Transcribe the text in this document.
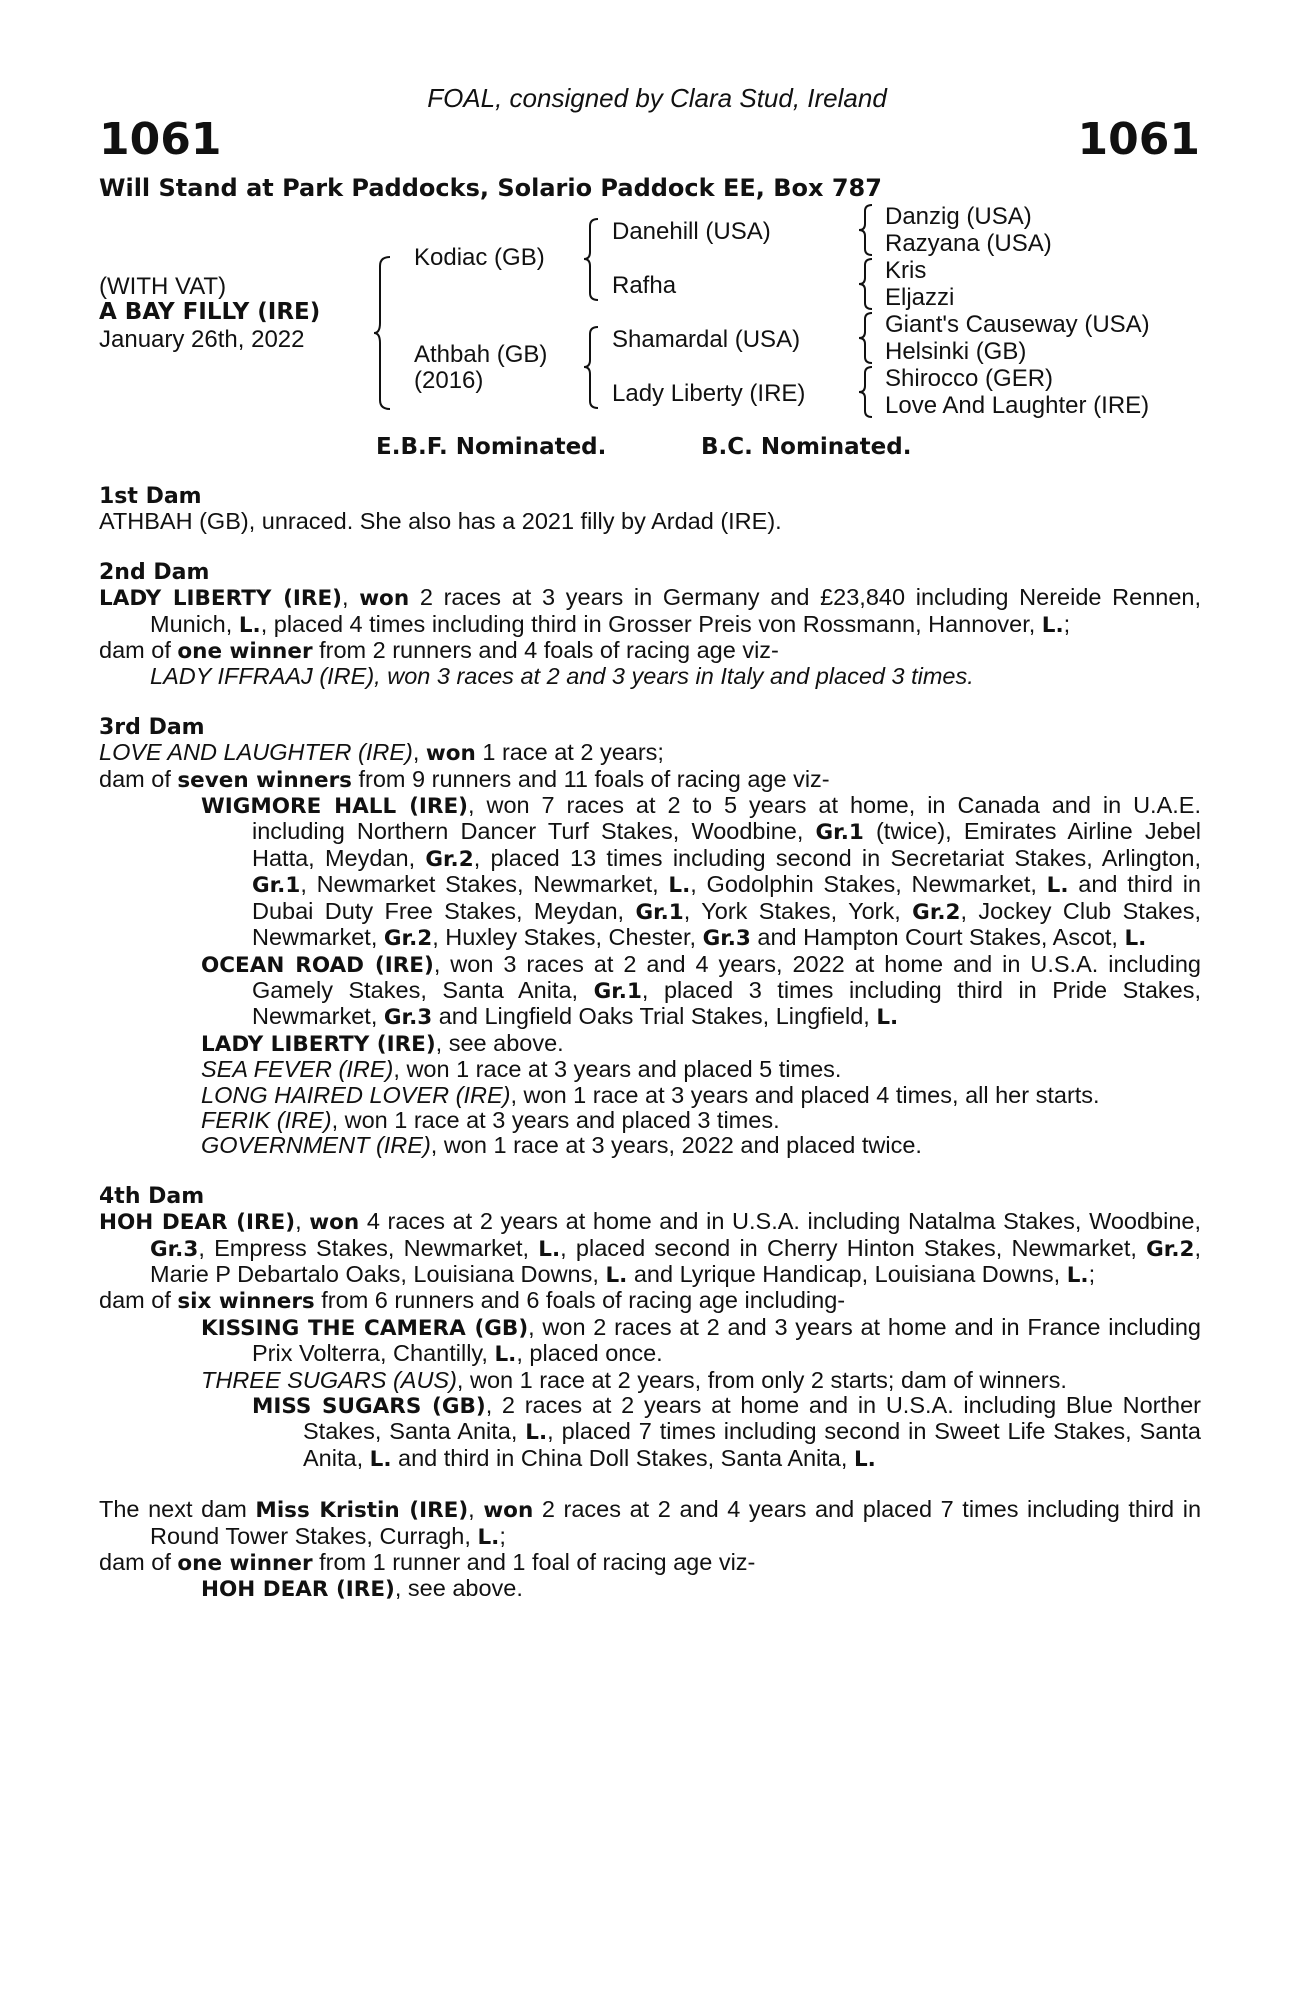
FOAL, consigned by Clara Stud, Ireland
1061	1061
Will Stand at Park Paddocks, Solario Paddock EE, Box 787
(WITH VAT)
A BAY FILLY (IRE)
January 26th, 2022
Kodiac (GB)
Athbah (GB)
(2016)
Danehill (USA)
Rafha
Shamardal (USA)
Lady Liberty (IRE)
Danzig (USA)
Razyana (USA)
Kris
Eljazzi
Giant's Causeway (USA)
Helsinki (GB)
Shirocco (GER)
Love And Laughter (IRE)
E.B.F. Nominated.	B.C. Nominated.
1st Dam
ATHBAH (GB), unraced. She also has a 2021 filly by Ardad (IRE).
2nd Dam
LADY LIBERTY (IRE), won 2 races at 3 years in Germany and £23,840 including Nereide Rennen, Munich, L., placed 4 times including third in Grosser Preis von Rossmann, Hannover, L.;
dam of one winner from 2 runners and 4 foals of racing age viz-
LADY IFFRAAJ (IRE), won 3 races at 2 and 3 years in Italy and placed 3 times.
3rd Dam
LOVE AND LAUGHTER (IRE), won 1 race at 2 years;
dam of seven winners from 9 runners and 11 foals of racing age viz-
WIGMORE HALL (IRE), won 7 races at 2 to 5 years at home, in Canada and in U.A.E. including Northern Dancer Turf Stakes, Woodbine, Gr.1 (twice), Emirates Airline Jebel Hatta, Meydan, Gr.2, placed 13 times including second in Secretariat Stakes, Arlington, Gr.1, Newmarket Stakes, Newmarket, L., Godolphin Stakes, Newmarket, L. and third in Dubai Duty Free Stakes, Meydan, Gr.1, York Stakes, York, Gr.2, Jockey Club Stakes, Newmarket, Gr.2, Huxley Stakes, Chester, Gr.3 and Hampton Court Stakes, Ascot, L.
OCEAN ROAD (IRE), won 3 races at 2 and 4 years, 2022 at home and in U.S.A. including Gamely Stakes, Santa Anita, Gr.1, placed 3 times including third in Pride Stakes, Newmarket, Gr.3 and Lingfield Oaks Trial Stakes, Lingfield, L.
LADY LIBERTY (IRE), see above.
SEA FEVER (IRE), won 1 race at 3 years and placed 5 times.
LONG HAIRED LOVER (IRE), won 1 race at 3 years and placed 4 times, all her starts.
FERIK (IRE), won 1 race at 3 years and placed 3 times.
GOVERNMENT (IRE), won 1 race at 3 years, 2022 and placed twice.
4th Dam
HOH DEAR (IRE), won 4 races at 2 years at home and in U.S.A. including Natalma Stakes, Woodbine, Gr.3, Empress Stakes, Newmarket, L., placed second in Cherry Hinton Stakes, Newmarket, Gr.2, Marie P Debartalo Oaks, Louisiana Downs, L. and Lyrique Handicap, Louisiana Downs, L.;
dam of six winners from 6 runners and 6 foals of racing age including-
KISSING THE CAMERA (GB), won 2 races at 2 and 3 years at home and in France including Prix Volterra, Chantilly, L., placed once.
THREE SUGARS (AUS), won 1 race at 2 years, from only 2 starts; dam of winners.
MISS SUGARS (GB), 2 races at 2 years at home and in U.S.A. including Blue Norther Stakes, Santa Anita, L., placed 7 times including second in Sweet Life Stakes, Santa Anita, L. and third in China Doll Stakes, Santa Anita, L.
The next dam Miss Kristin (IRE), won 2 races at 2 and 4 years and placed 7 times including third in Round Tower Stakes, Curragh, L.;
dam of one winner from 1 runner and 1 foal of racing age viz-
HOH DEAR (IRE), see above.
